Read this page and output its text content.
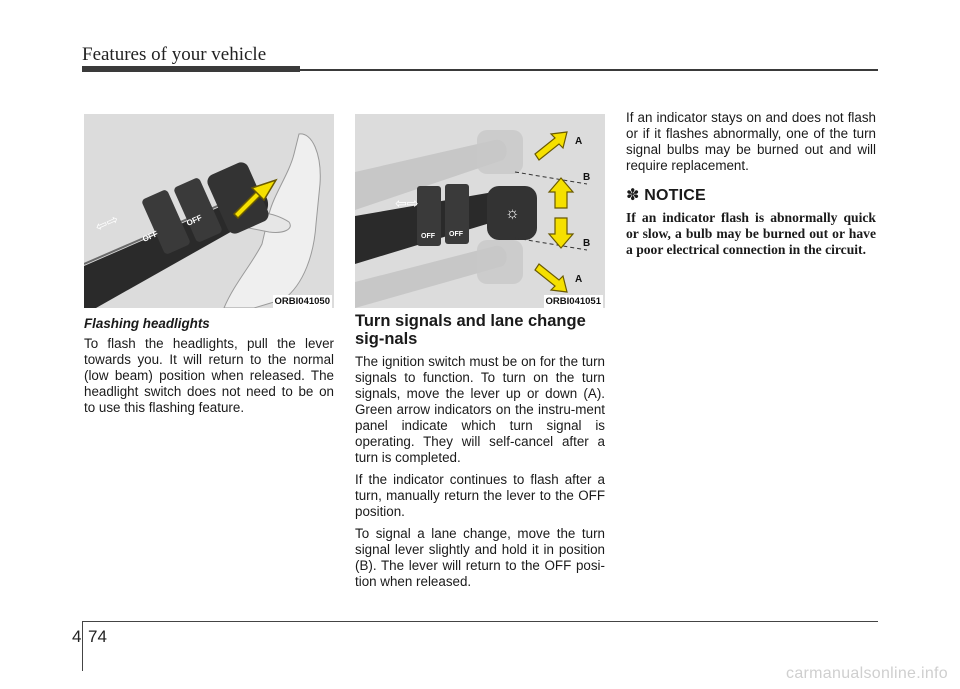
Features of your vehicle
OFF
OFF
⇦⇨
ORBI041050
☼
⇦⇨
OFF OFF
A
B
B
A
ORBI041051
Flashing headlights

To flash the headlights, pull the lever towards you. It will return to the normal (low beam) position when released. The headlight switch does not need to be on to use this flashing feature.

Turn signals and lane change sig-nals

The ignition switch must be on for the turn signals to function. To turn on the turn signals, move the lever up or down (A). Green arrow indicators on the instru-ment panel indicate which turn signal is operating. They will self-cancel after a turn is completed.

If the indicator continues to flash after a turn, manually return the lever to the OFF position.

To signal a lane change, move the turn signal lever slightly and hold it in position (B). The lever will return to the OFF posi-tion when released.

If an indicator stays on and does not flash or if it flashes abnormally, one of the turn signal bulbs may be burned out and will require replacement.

✽ NOTICE

If an indicator flash is abnormally quick or slow, a bulb may be burned out or have a poor electrical connection in the circuit.

4 74
carmanualsonline.info
